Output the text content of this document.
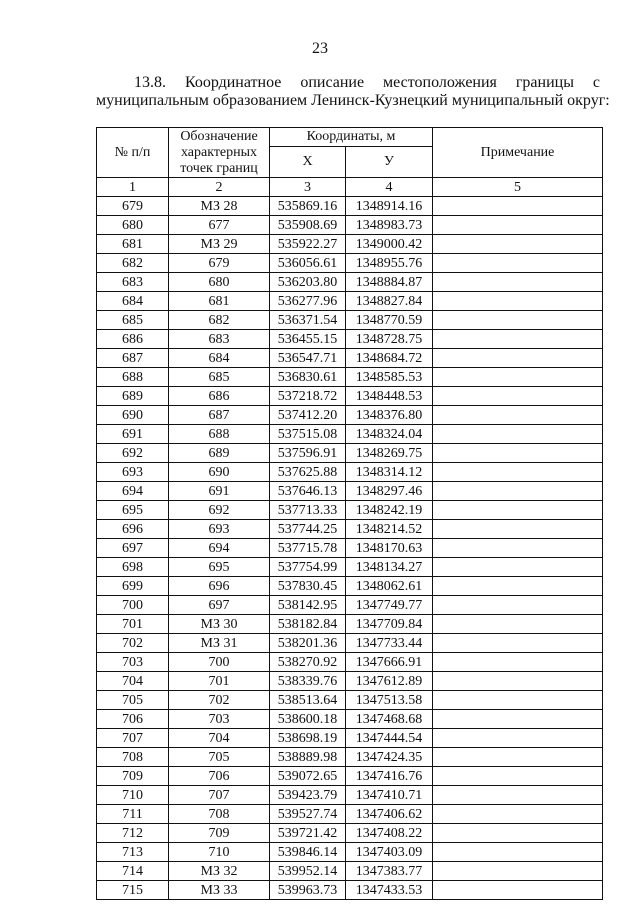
23
13.8. Координатное описание местоположения границы с
муниципальным образованием Ленинск-Кузнецкий муниципальный округ:
№ п/п	Обозначение характерных точек границ	Координаты, м		Примечание
		X	У	
1	2	3	4	5
679	МЗ 28	535869.16	1348914.16	
680	677	535908.69	1348983.73	
681	МЗ 29	535922.27	1349000.42	
682	679	536056.61	1348955.76	
683	680	536203.80	1348884.87	
684	681	536277.96	1348827.84	
685	682	536371.54	1348770.59	
686	683	536455.15	1348728.75	
687	684	536547.71	1348684.72	
688	685	536830.61	1348585.53	
689	686	537218.72	1348448.53	
690	687	537412.20	1348376.80	
691	688	537515.08	1348324.04	
692	689	537596.91	1348269.75	
693	690	537625.88	1348314.12	
694	691	537646.13	1348297.46	
695	692	537713.33	1348242.19	
696	693	537744.25	1348214.52	
697	694	537715.78	1348170.63	
698	695	537754.99	1348134.27	
699	696	537830.45	1348062.61	
700	697	538142.95	1347749.77	
701	МЗ 30	538182.84	1347709.84	
702	МЗ 31	538201.36	1347733.44	
703	700	538270.92	1347666.91	
704	701	538339.76	1347612.89	
705	702	538513.64	1347513.58	
706	703	538600.18	1347468.68	
707	704	538698.19	1347444.54	
708	705	538889.98	1347424.35	
709	706	539072.65	1347416.76	
710	707	539423.79	1347410.71	
711	708	539527.74	1347406.62	
712	709	539721.42	1347408.22	
713	710	539846.14	1347403.09	
714	МЗ 32	539952.14	1347383.77	
715	МЗ 33	539963.73	1347433.53	
